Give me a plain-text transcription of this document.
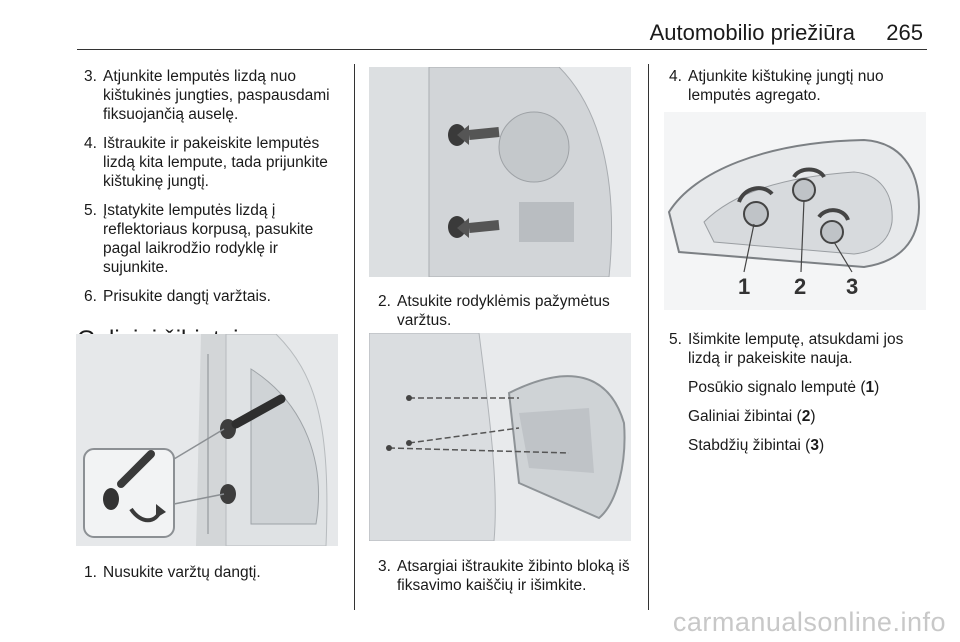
Automobilio priežiūra 265
3. Atjunkite lemputės lizdą nuo kištukinės jungties, paspausdami fiksuojančią auselę.
4. Ištraukite ir pakeiskite lemputės lizdą kita lempute, tada prijunkite kištukinę jungtį.
5. Įstatykite lemputės lizdą į reflektoriaus korpusą, pasukite pagal laikrodžio rodyklę ir sujunkite.
6. Prisukite dangtį varžtais.
1. Nusukite varžtų dangtį.
2. Atsukite rodyklėmis pažymėtus varžtus.
3. Atsargiai ištraukite žibinto bloką iš fiksavimo kaiščių ir išimkite.
4. Atjunkite kištukinę jungtį nuo lemputės agregato.
1 2 3
5. Išimkite lemputę, atsukdami jos lizdą ir pakeiskite nauja.
Posūkio signalo lemputė (1)
Galiniai žibintai (2)
Stabdžių žibintai (3)
carmanualsonline.info
